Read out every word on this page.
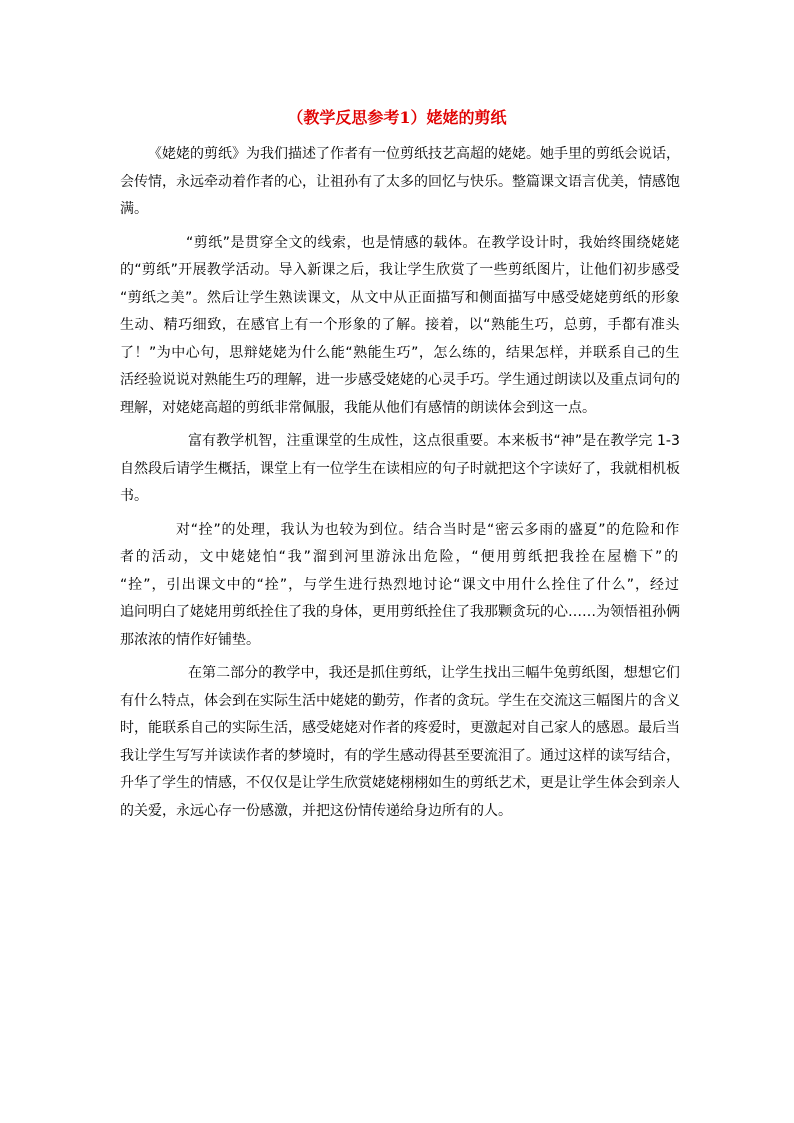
（教学反思参考1）姥姥的剪纸
《姥姥的剪纸》为我们描述了作者有一位剪纸技艺高超的姥姥。她手里的剪纸会说话，
会传情，永远牵动着作者的心，让祖孙有了太多的回忆与快乐。整篇课文语言优美，情感饱
满。
“剪纸”是贯穿全文的线索，也是情感的载体。在教学设计时，我始终围绕姥姥
的“剪纸”开展教学活动。导入新课之后，我让学生欣赏了一些剪纸图片，让他们初步感受
“剪纸之美”。然后让学生熟读课文，从文中从正面描写和侧面描写中感受姥姥剪纸的形象
生动、精巧细致，在感官上有一个形象的了解。接着，以“熟能生巧，总剪，手都有准头
了！”为中心句，思辩姥姥为什么能“熟能生巧”，怎么练的，结果怎样，并联系自己的生
活经验说说对熟能生巧的理解，进一步感受姥姥的心灵手巧。学生通过朗读以及重点词句的
理解，对姥姥高超的剪纸非常佩服，我能从他们有感情的朗读体会到这一点。
富有教学机智，注重课堂的生成性，这点很重要。本来板书“神”是在教学完 1-3
自然段后请学生概括，课堂上有一位学生在读相应的句子时就把这个字读好了，我就相机板
书。
对“拴”的处理，我认为也较为到位。结合当时是“密云多雨的盛夏”的危险和作
者的活动，文中姥姥怕“我”溜到河里游泳出危险，“便用剪纸把我拴在屋檐下”的
“拴”，引出课文中的“拴”，与学生进行热烈地讨论“课文中用什么拴住了什么”，经过
追问明白了姥姥用剪纸拴住了我的身体，更用剪纸拴住了我那颗贪玩的心……为领悟祖孙俩
那浓浓的情作好铺垫。
在第二部分的教学中，我还是抓住剪纸，让学生找出三幅牛兔剪纸图，想想它们
有什么特点，体会到在实际生活中姥姥的勤劳，作者的贪玩。学生在交流这三幅图片的含义
时，能联系自己的实际生活，感受姥姥对作者的疼爱时，更激起对自己家人的感恩。最后当
我让学生写写并读读作者的梦境时，有的学生感动得甚至要流泪了。通过这样的读写结合，
升华了学生的情感，不仅仅是让学生欣赏姥姥栩栩如生的剪纸艺术，更是让学生体会到亲人
的关爱，永远心存一份感激，并把这份情传递给身边所有的人。
